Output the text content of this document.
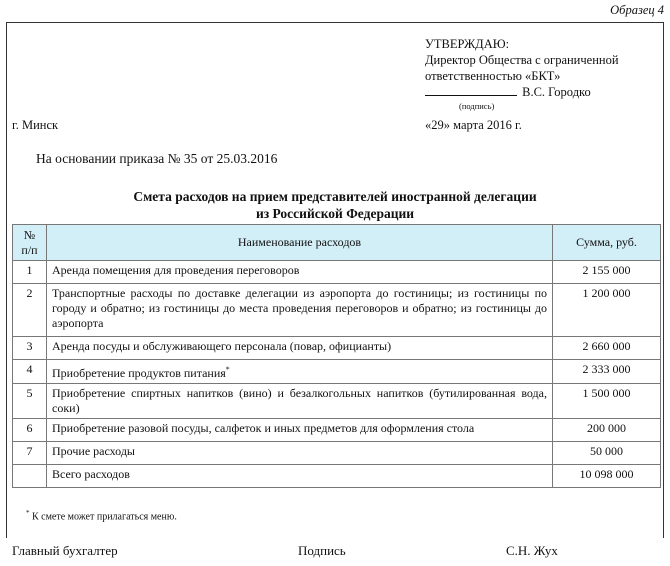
Образец 4
УТВЕРЖДАЮ:
Директор Общества с ограниченной
ответственностью «БКТ»
В.С. Городко
(подпись)
г. Минск	«29» марта 2016 г.
На основании приказа № 35 от 25.03.2016
Смета расходов на прием представителей иностранной делегации
из Российской Федерации
№
п/п	Наименование расходов	Сумма, руб.
1	Аренда помещения для проведения переговоров	2 155 000
2	Транспортные расходы по доставке делегации из аэропорта до гостиницы; из гостиницы по городу и обратно; из гостиницы до места проведения переговоров и обратно; из гостиницы до аэропорта	1 200 000
3	Аренда посуды и обслуживающего персонала (повар, официанты)	2 660 000
4	Приобретение продуктов питания*	2 333 000
5	Приобретение спиртных напитков (вино) и безалкогольных напитков (бутилированная вода, соки)	1 500 000
6	Приобретение разовой посуды, салфеток и иных предметов для оформления стола	200 000
7	Прочие расходы	50 000
	Всего расходов	10 098 000
* К смете может прилагаться меню.
Главный бухгалтер	Подпись	С.Н. Жух
